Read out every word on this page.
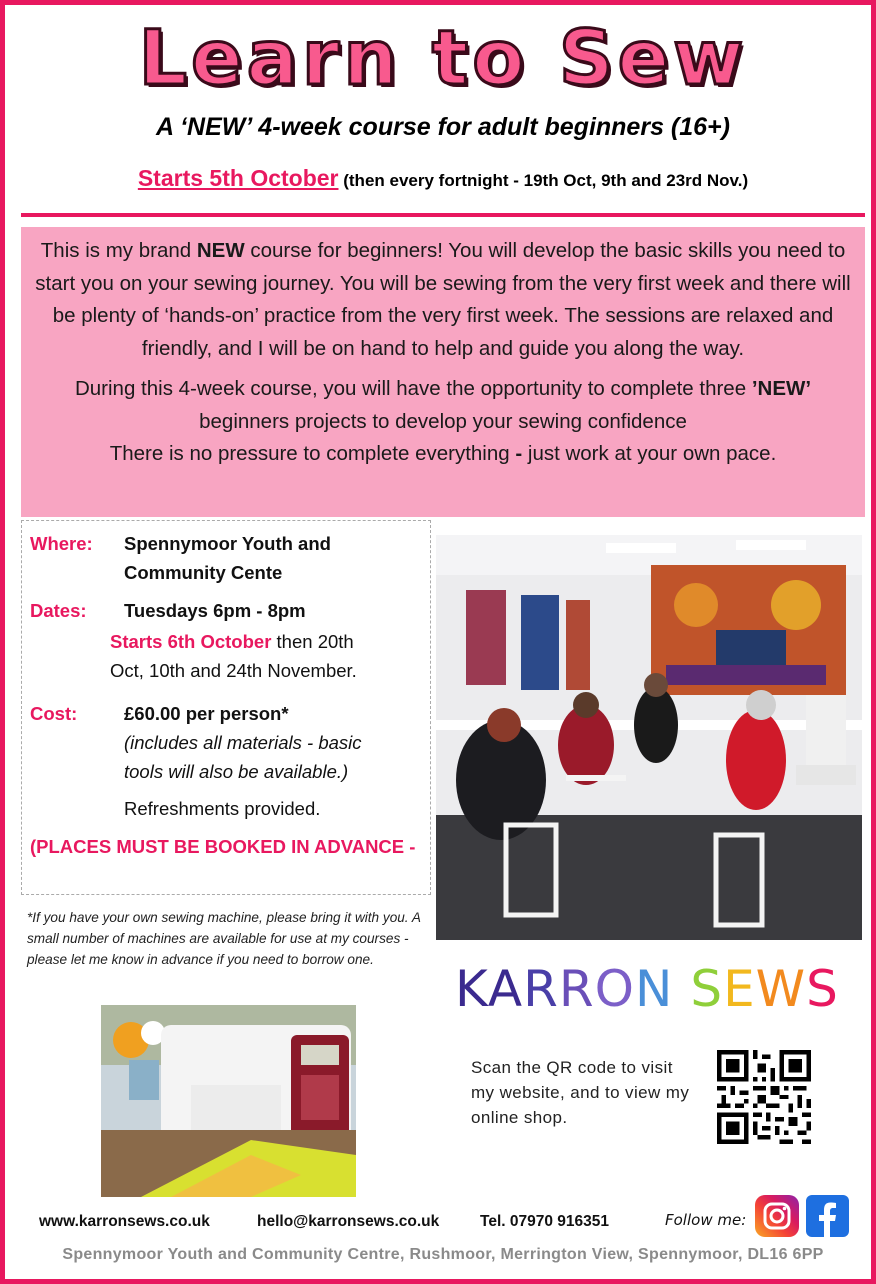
Learn to Sew
A ‘NEW’ 4-week course for adult beginners (16+)
Starts 5th October (then every fortnight - 19th Oct, 9th and 23rd Nov.)

This is my brand NEW course for beginners! You will develop the basic skills you need to start you on your sewing journey. You will be sewing from the very first week and there will be plenty of ‘hands-on’ practice from the very first week. The sessions are relaxed and friendly, and I will be on hand to help and guide you along the way.

During this 4-week course, you will have the opportunity to complete three ’NEW’ beginners projects to develop your sewing confidence
There is no pressure to complete everything - just work at your own pace.

Where: Spennymoor Youth and
Community Cente
Dates: Tuesdays 6pm - 8pm
Starts 6th October then 20th
Oct, 10th and 24th November.
Cost:	£60.00 per person*
(includes all materials - basic
tools will also be available.)
Refreshments provided.
(PLACES MUST BE BOOKED IN ADVANCE -
*If you have your own sewing machine, please bring it with you. A small number of machines are available for use at my courses - please let me know in advance if you need to borrow one.
KARRON SEWS
Scan the QR code to visit my website, and to view my online shop.
www.karronsews.co.uk	hello@karronsews.co.uk	Tel. 07970 916351	Follow me:
Spennymoor Youth and Community Centre, Rushmoor, Merrington View, Spennymoor, DL16 6PP
